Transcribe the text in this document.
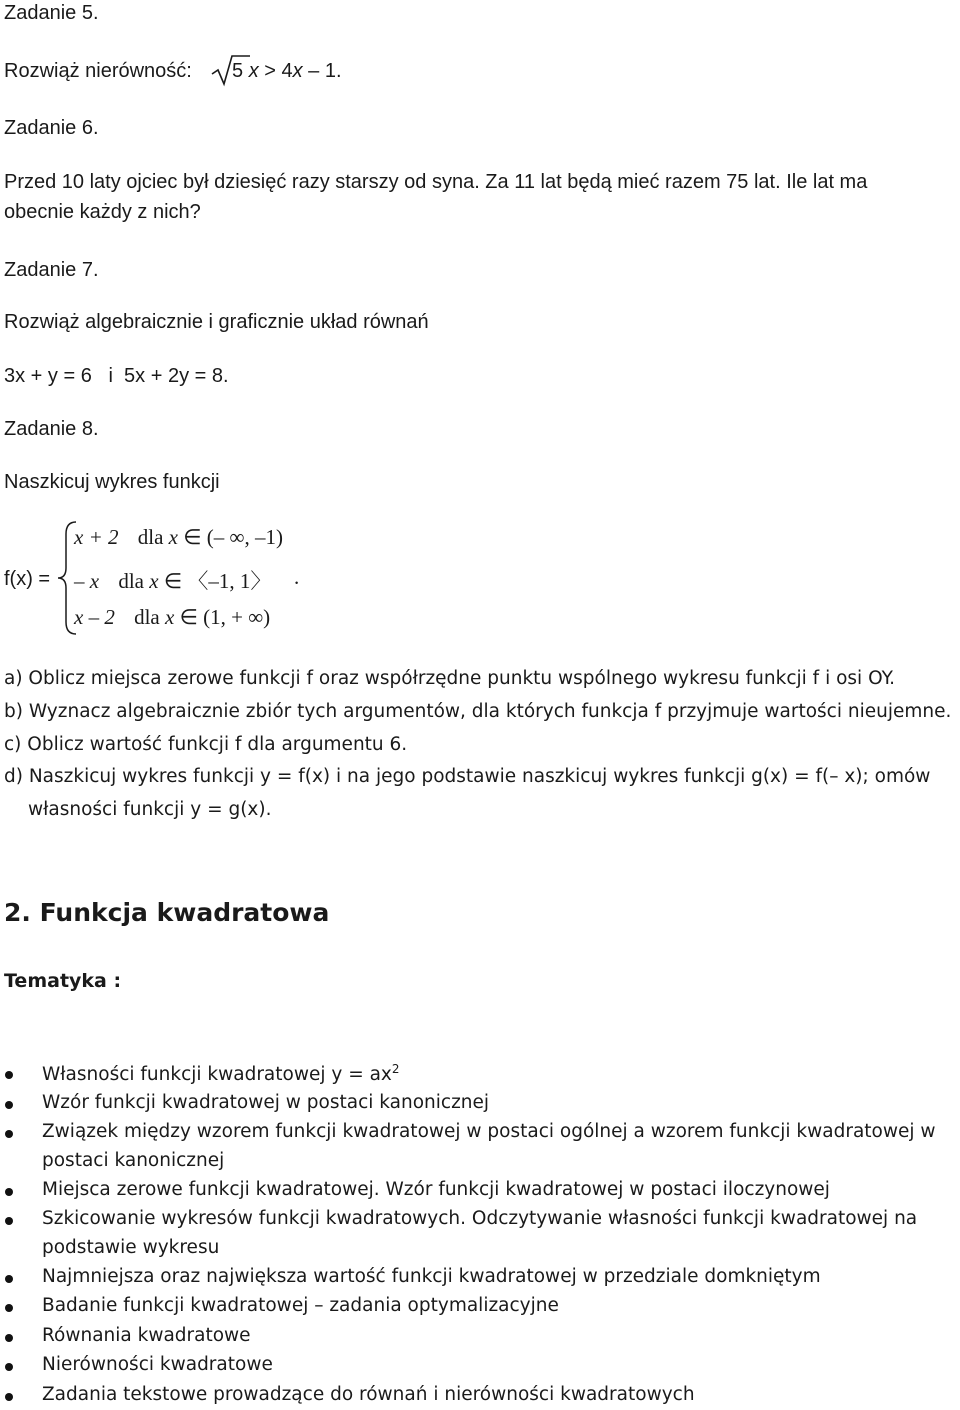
Zadanie 5.
Rozwiąż nierówność: 5 x > 4x – 1.
Zadanie 6.
Przed 10 laty ojciec był dziesięć razy starszy od syna. Za 11 lat będą mieć razem 75 lat. Ile lat ma
obecnie każdy z nich?
Zadanie 7.
Rozwiąż algebraicznie i graficznie układ równań
3x + y = 6   i  5x + 2y = 8.
Zadanie 8.
Naszkicuj wykres funkcji
f(x) =
x + 2 dla x ∈ (– ∞, –1)
– x dla x ∈ 〈–1, 1〉 .
x – 2 dla x ∈ (1, + ∞)
a) Oblicz miejsca zerowe funkcji f oraz współrzędne punktu wspólnego wykresu funkcji f i osi OY.
b) Wyznacz algebraicznie zbiór tych argumentów, dla których funkcja f przyjmuje wartości nieujemne.
c) Oblicz wartość funkcji f dla argumentu 6.
d) Naszkicuj wykres funkcji y = f(x) i na jego podstawie naszkicuj wykres funkcji g(x) = f(– x); omów
własności funkcji y = g(x).
2. Funkcja kwadratowa
Tematyka :
Własności funkcji kwadratowej $y = ax^2$
Wzór funkcji kwadratowej w postaci kanonicznej
Związek między wzorem funkcji kwadratowej w postaci ogólnej a wzorem funkcji kwadratowej w
postaci kanonicznej
Miejsca zerowe funkcji kwadratowej. Wzór funkcji kwadratowej w postaci iloczynowej
Szkicowanie wykresów funkcji kwadratowych. Odczytywanie własności funkcji kwadratowej na
podstawie wykresu
Najmniejsza oraz największa wartość funkcji kwadratowej w przedziale domkniętym
Badanie funkcji kwadratowej – zadania optymalizacyjne
Równania kwadratowe
Nierówności kwadratowe
Zadania tekstowe prowadzące do równań i nierówności kwadratowych
